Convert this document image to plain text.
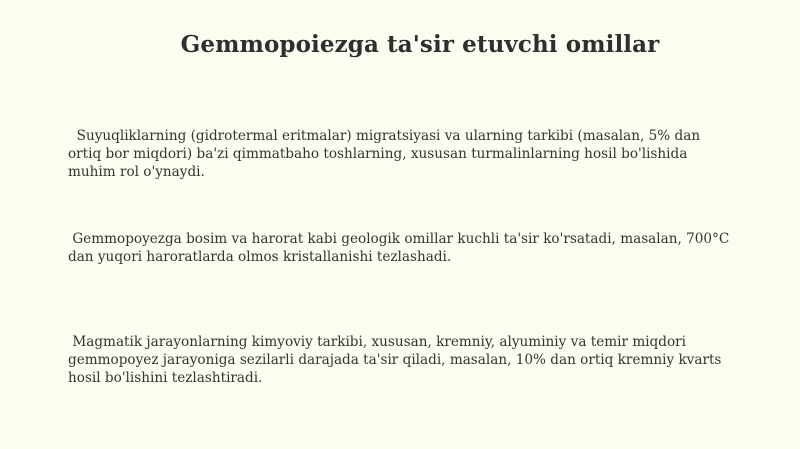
Gemmopoiezga ta'sir etuvchi omillar

Suyuqliklarning (gidrotermal eritmalar) migratsiyasi va ularning tarkibi (masalan, 5% dan
ortiq bor miqdori) ba'zi qimmatbaho toshlarning, xususan turmalinlarning hosil bo'lishida
muhim rol o'ynaydi.

Gemmopoyezga bosim va harorat kabi geologik omillar kuchli ta'sir ko'rsatadi, masalan, 700°C
dan yuqori haroratlarda olmos kristallanishi tezlashadi.

Magmatik jarayonlarning kimyoviy tarkibi, xususan, kremniy, alyuminiy va temir miqdori
gemmopoyez jarayoniga sezilarli darajada ta'sir qiladi, masalan, 10% dan ortiq kremniy kvarts
hosil bo'lishini tezlashtiradi.
